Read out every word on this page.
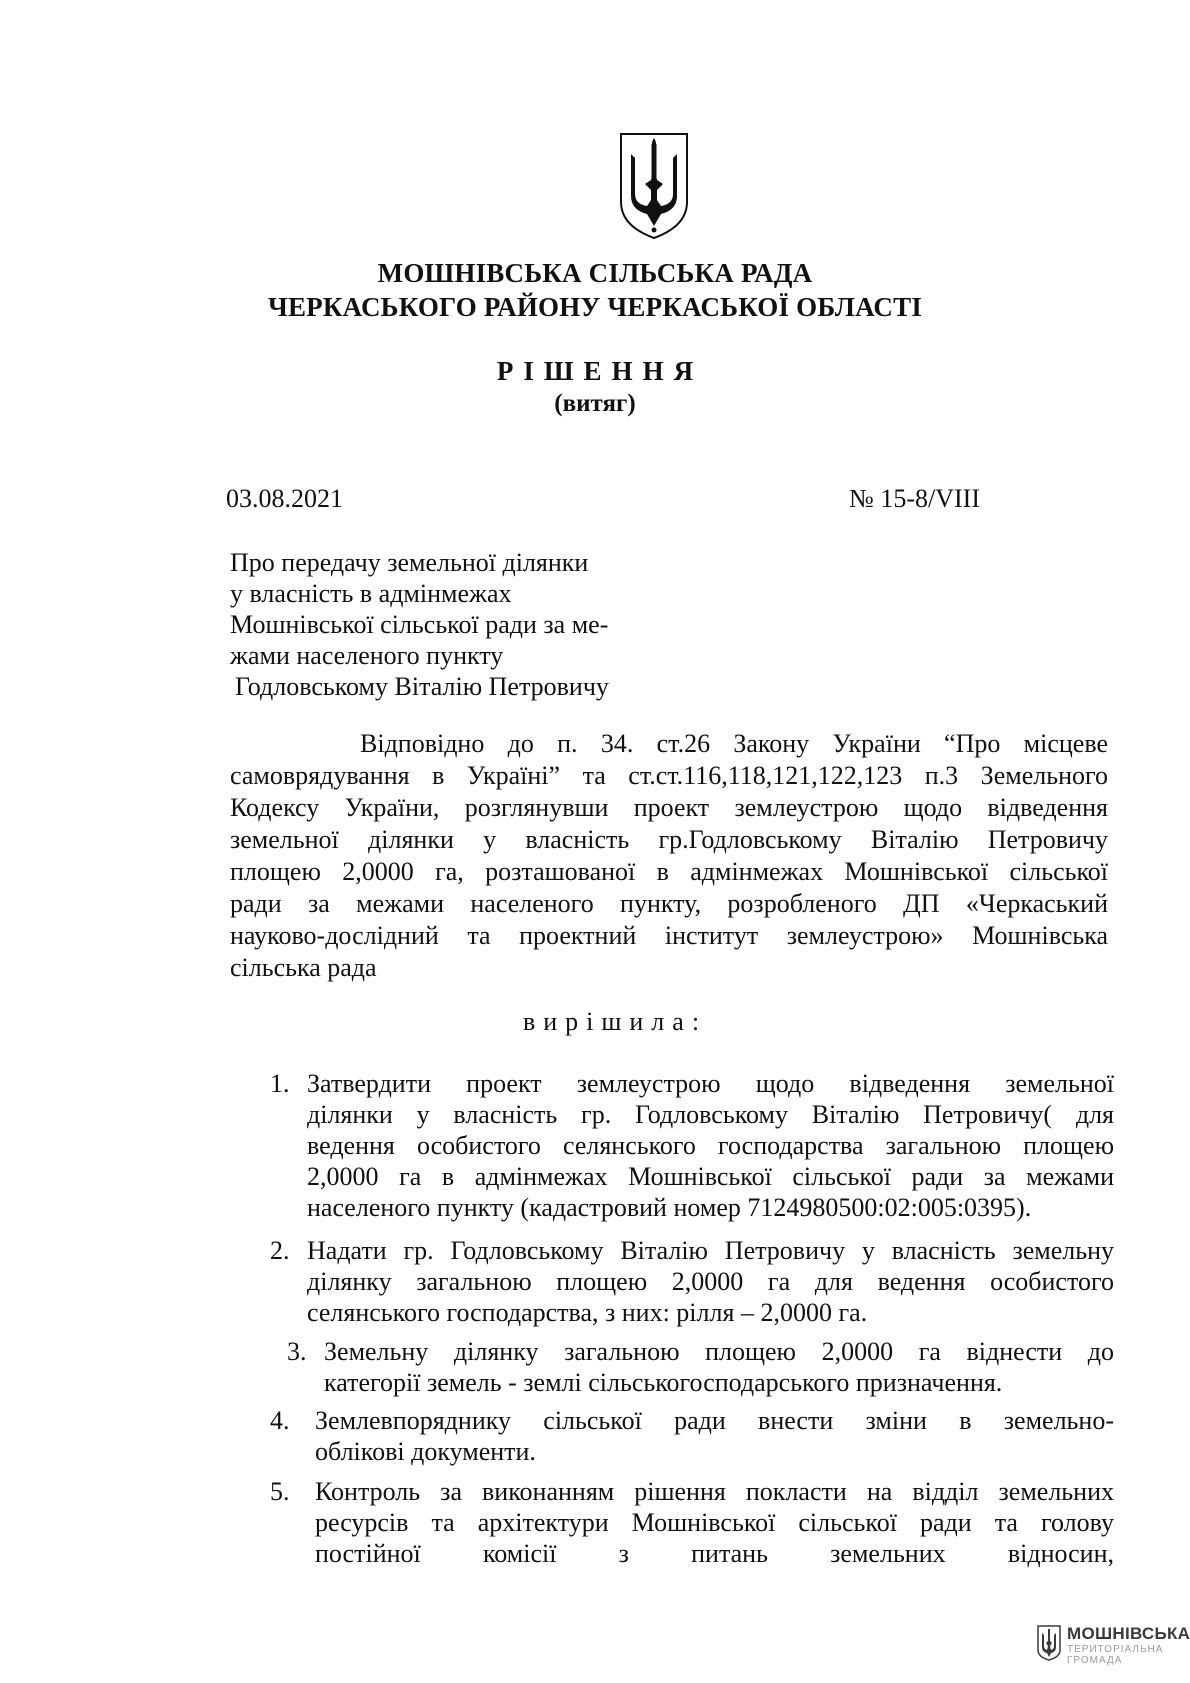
МОШНІВСЬКА СІЛЬСЬКА РАДА
ЧЕРКАСЬКОГО РАЙОНУ ЧЕРКАСЬКОЇ ОБЛАСТІ
РІШЕННЯ
(витяг)
03.08.2021	№ 15-8/VIII
Про передачу земельної ділянки
у власність в адмінмежах
Мошнівської сільської ради за ме-
жами населеного пункту
Годловському Віталію Петровичу
Відповідно до п. 34. ст.26 Закону України “Про місцеве
самоврядування в Україні” та ст.ст.116,118,121,122,123 п.3 Земельного
Кодексу України, розглянувши проект землеустрою щодо відведення
земельної ділянки у власність гр.Годловському Віталію Петровичу
площею 2,0000 га, розташованої в адмінмежах Мошнівської сільської
ради за межами населеного пункту, розробленого ДП «Черкаський
науково-дослідний та проектний інститут землеустрою» Мошнівська
сільська рада
вирішила:
1. Затвердити проект землеустрою щодо відведення земельної
ділянки у власність гр. Годловському Віталію Петровичу( для
ведення особистого селянського господарства загальною площею
2,0000 га в адмінмежах Мошнівської сільської ради за межами
населеного пункту (кадастровий номер 7124980500:02:005:0395).
2. Надати гр. Годловському Віталію Петровичу у власність земельну
ділянку загальною площею 2,0000 га для ведення особистого
селянського господарства, з них: рілля – 2,0000 га.
3. Земельну ділянку загальною площею 2,0000 га віднести до
категорії земель - землі сільськогосподарського призначення.
4. Землевпоряднику сільської ради внести зміни в земельно-
облікові документи.
5. Контроль за виконанням рішення покласти на відділ земельних
ресурсів та архітектури Мошнівської сільської ради та голову
постійної комісії з питань земельних відносин,
МОШНІВСЬКА
ТЕРИТОРІАЛЬНА
ГРОМАДА
